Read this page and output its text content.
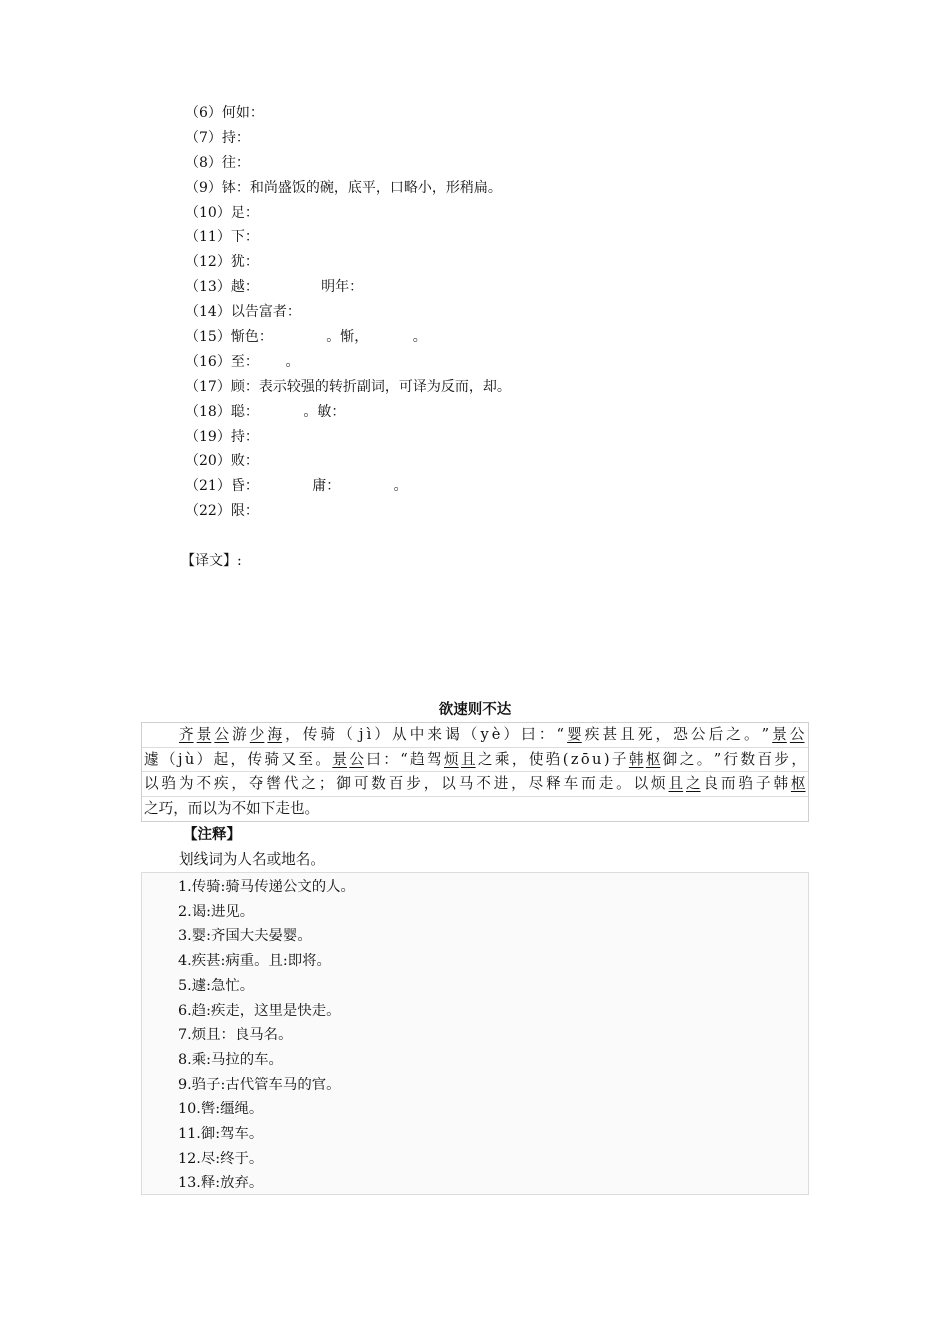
（6）何如：
（7）持：
（8）往：
（9）钵：和尚盛饭的碗，底平，口略小，形稍扁。
（10）足：
（11）下：
（12）犹：
（13）越：              明年：
（14）以告富者：
（15）惭色：            。惭，          。
（16）至：      。
（17）顾：表示较强的转折副词，可译为反而，却。
（18）聪：          。敏：
（19）持：
（20）败：
（21）昏：            庸：            。
（22）限：
【译文】:
欲速则不达
齐 景 公 游 少 海 ， 传 骑 （ j ì ） 从 中 来 谒 （ y è ） 曰 ： “ 婴 疾 甚 且 死 ， 恐 公 后 之 。 ” 景 公
遽 （ j ù ） 起 ， 传 骑 又 至 。 景 公 曰 ： “ 趋 驾 烦 且 之 乘 ， 使 驺 ( z ō u ) 子 韩 枢 御 之 。 ” 行 数 百 步 ，
以 驺 为 不 疾 ， 夺 辔 代 之 ； 御 可 数 百 步 ， 以 马 不 进 ， 尽 释 车 而 走 。 以 烦 且 之 良 而 驺 子 韩 枢
之巧，而以为不如下走也。
【注释】
划线词为人名或地名。
1.传骑:骑马传递公文的人。
2.谒:进见。
3.婴:齐国大夫晏婴。
4.疾甚:病重。且:即将。
5.遽:急忙。
6.趋:疾走，这里是快走。
7.烦且：良马名。
8.乘:马拉的车。
9.驺子:古代管车马的官。
10.辔:缰绳。
11.御:驾车。
12.尽:终于。
13.释:放弃。
